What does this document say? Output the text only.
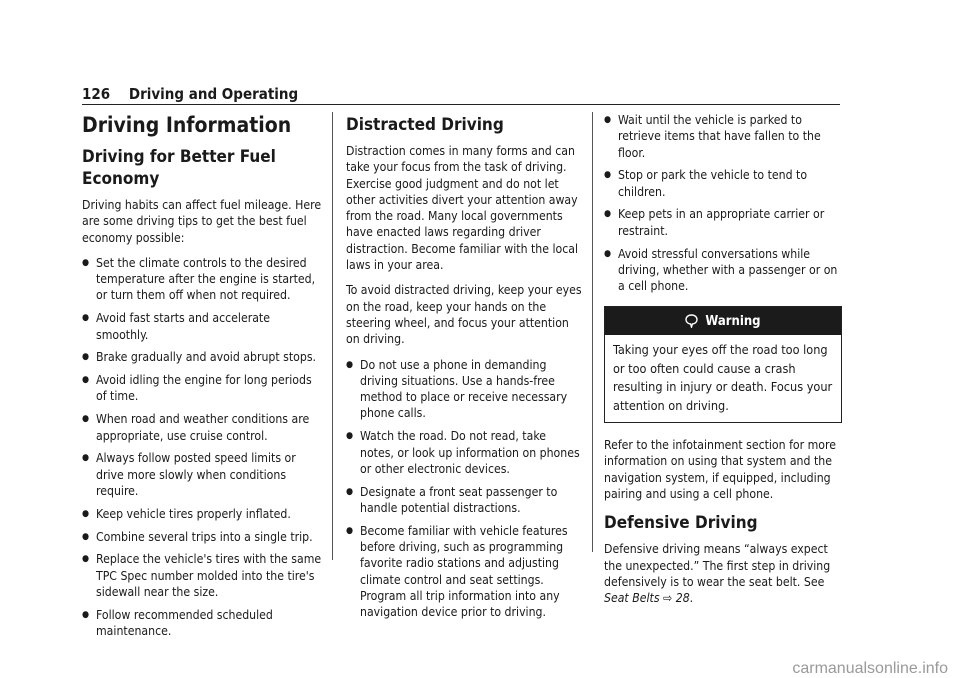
126 Driving and Operating
Driving Information
Driving for Better Fuel Economy

Driving habits can affect fuel mileage. Here are some driving tips to get the best fuel economy possible:

● Set the climate controls to the desired temperature after the engine is started, or turn them off when not required.
● Avoid fast starts and accelerate smoothly.
● Brake gradually and avoid abrupt stops.
● Avoid idling the engine for long periods of time.
● When road and weather conditions are appropriate, use cruise control.
● Always follow posted speed limits or drive more slowly when conditions require.
● Keep vehicle tires properly inflated.
● Combine several trips into a single trip.
● Replace the vehicle's tires with the same TPC Spec number molded into the tire's sidewall near the size.
● Follow recommended scheduled maintenance.
Distracted Driving

Distraction comes in many forms and can take your focus from the task of driving. Exercise good judgment and do not let other activities divert your attention away from the road. Many local governments have enacted laws regarding driver distraction. Become familiar with the local laws in your area.

To avoid distracted driving, keep your eyes on the road, keep your hands on the steering wheel, and focus your attention on driving.

● Do not use a phone in demanding driving situations. Use a hands-free method to place or receive necessary phone calls.
● Watch the road. Do not read, take notes, or look up information on phones or other electronic devices.
● Designate a front seat passenger to handle potential distractions.
● Become familiar with vehicle features before driving, such as programming favorite radio stations and adjusting climate control and seat settings. Program all trip information into any navigation device prior to driving.
● Wait until the vehicle is parked to retrieve items that have fallen to the floor.
● Stop or park the vehicle to tend to children.
● Keep pets in an appropriate carrier or restraint.
● Avoid stressful conversations while driving, whether with a passenger or on a cell phone.
Warning
Taking your eyes off the road too long or too often could cause a crash resulting in injury or death. Focus your attention on driving.

Refer to the infotainment section for more information on using that system and the navigation system, if equipped, including pairing and using a cell phone.

Defensive Driving

Defensive driving means “always expect the unexpected.” The first step in driving defensively is to wear the seat belt. See
Seat Belts ⇨ 28.

carmanualsonline.info
